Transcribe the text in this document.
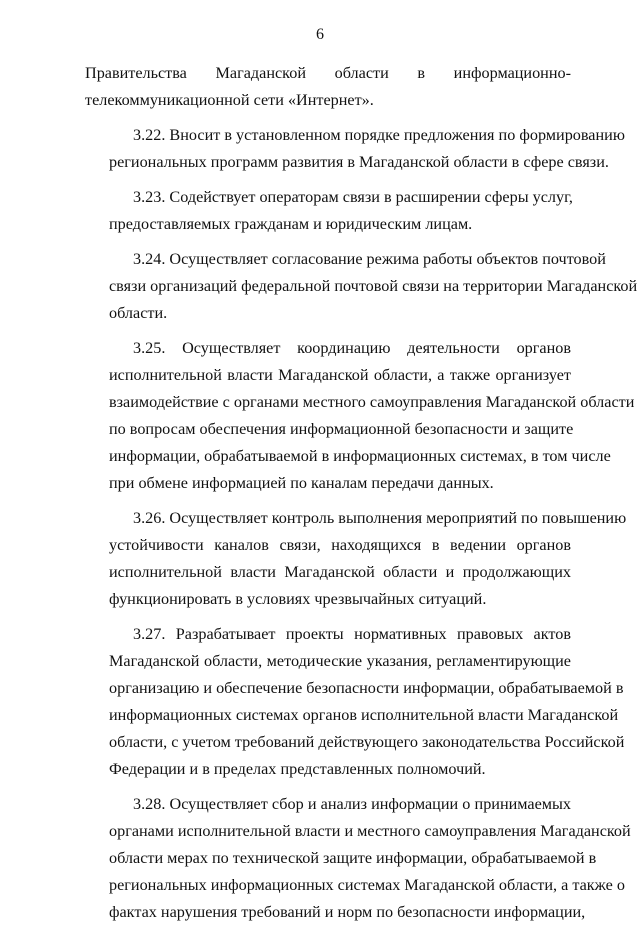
6

Правительства Магаданской области в информационно-
телекоммуникационной сети «Интернет».

3.22. Вносит в установленном порядке предложения по формированию
региональных программ развития в Магаданской области в сфере связи.

3.23. Содействует операторам связи в расширении сферы услуг,
предоставляемых гражданам и юридическим лицам.

3.24. Осуществляет согласование режима работы объектов почтовой
связи организаций федеральной почтовой связи на территории Магаданской
области.

3.25. Осуществляет координацию деятельности органов
исполнительной власти Магаданской области, а также организует
взаимодействие с органами местного самоуправления Магаданской области
по вопросам обеспечения информационной безопасности и защите
информации, обрабатываемой в информационных системах, в том числе
при обмене информацией по каналам передачи данных.

3.26. Осуществляет контроль выполнения мероприятий по повышению
устойчивости каналов связи, находящихся в ведении органов
исполнительной власти Магаданской области и продолжающих
функционировать в условиях чрезвычайных ситуаций.

3.27. Разрабатывает проекты нормативных правовых актов
Магаданской области, методические указания, регламентирующие
организацию и обеспечение безопасности информации, обрабатываемой в
информационных системах органов исполнительной власти Магаданской
области, с учетом требований действующего законодательства Российской
Федерации и в пределах представленных полномочий.

3.28. Осуществляет сбор и анализ информации о принимаемых
органами исполнительной власти и местного самоуправления Магаданской
области мерах по технической защите информации, обрабатываемой в
региональных информационных системах Магаданской области, а также о
фактах нарушения требований и норм по безопасности информации,
